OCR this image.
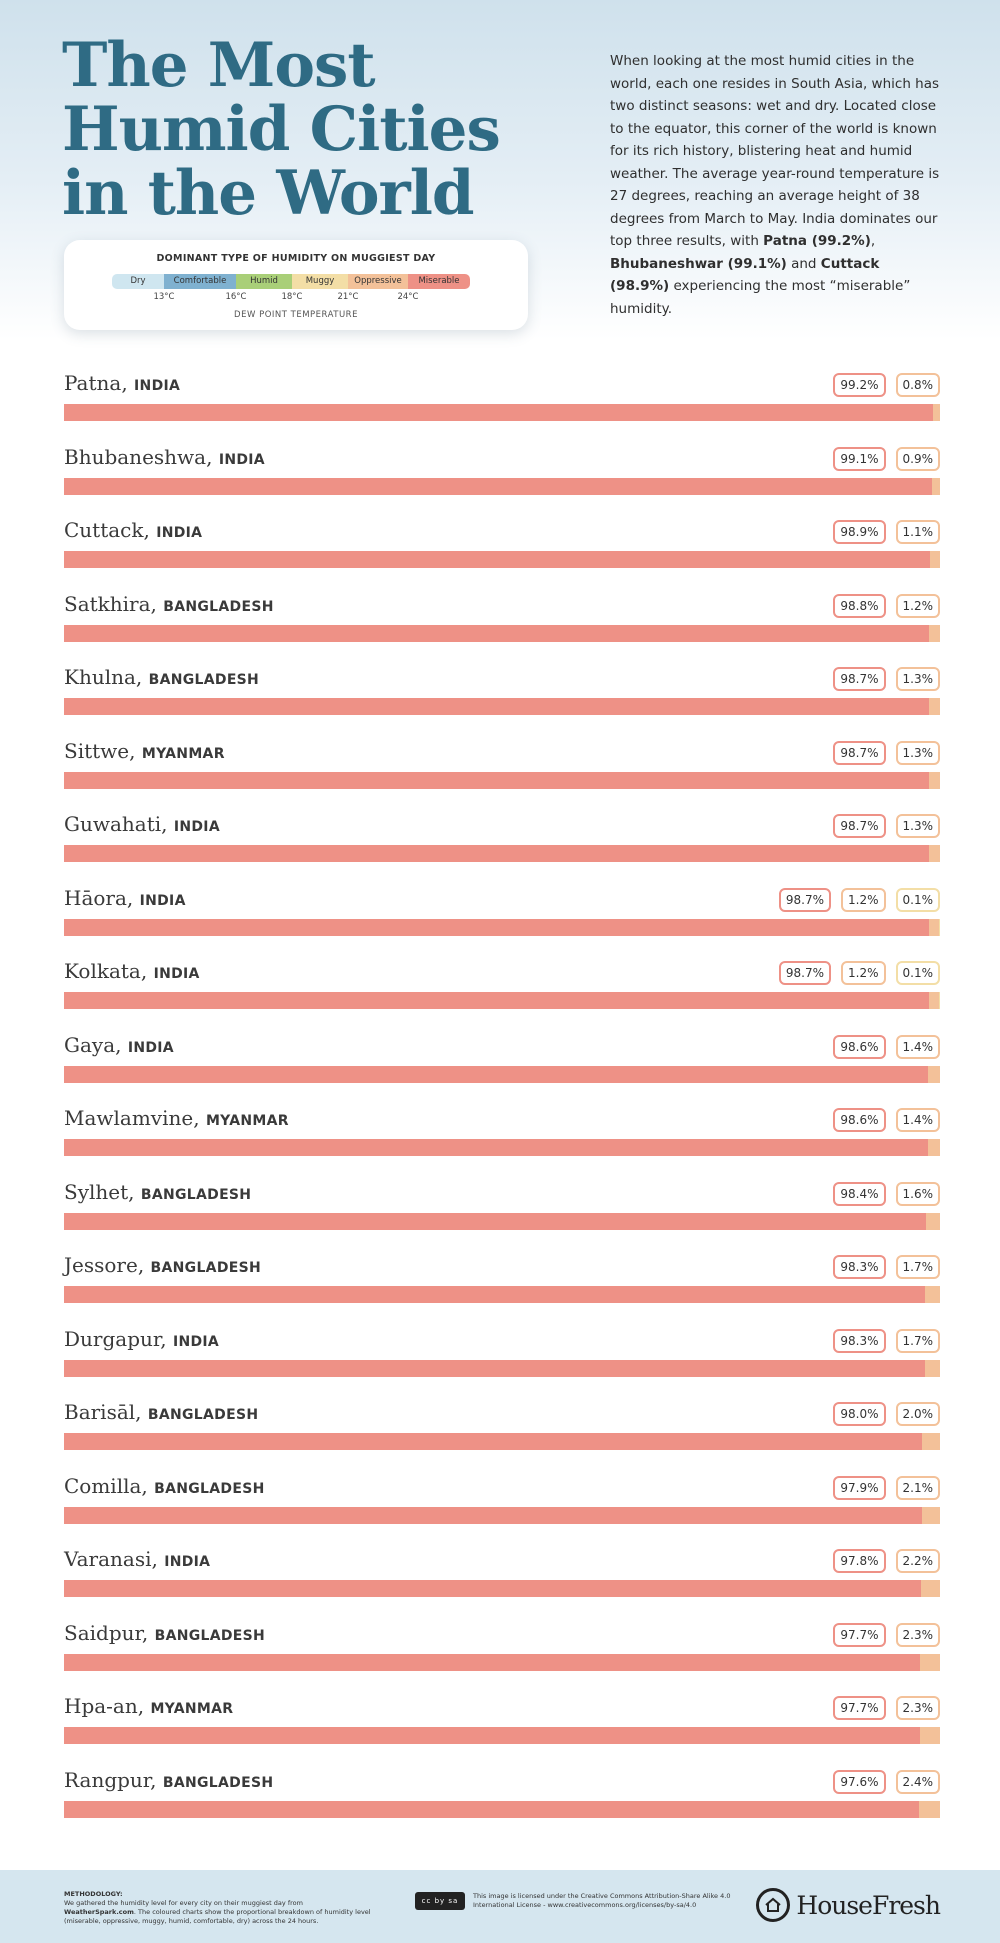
The Most Humid Cities in the World
When looking at the most humid cities in the world, each one resides in South Asia, which has two distinct seasons: wet and dry. Located close to the equator, this corner of the world is known for its rich history, blistering heat and humid weather. The average year-round temperature is 27 degrees, reaching an average height of 38 degrees from March to May. India dominates our top three results, with Patna (99.2%), Bhubaneshwar (99.1%) and Cuttack (98.9%) experiencing the most “miserable” humidity.
DOMINANT TYPE OF HUMIDITY ON MUGGIEST DAY
Dry	Comfortable	Humid	Muggy	Oppressive	Miserable
13°C	16°C	18°C	21°C	24°C
DEW POINT TEMPERATURE
Patna, INDIA	99.2%	0.8%
Bhubaneshwa, INDIA	99.1%	0.9%
Cuttack, INDIA	98.9%	1.1%
Satkhira, BANGLADESH	98.8%	1.2%
Khulna, BANGLADESH	98.7%	1.3%
Sittwe, MYANMAR	98.7%	1.3%
Guwahati, INDIA	98.7%	1.3%
Hāora, INDIA	98.7%	1.2%	0.1%
Kolkata, INDIA	98.7%	1.2%	0.1%
Gaya, INDIA	98.6%	1.4%
Mawlamvine, MYANMAR	98.6%	1.4%
Sylhet, BANGLADESH	98.4%	1.6%
Jessore, BANGLADESH	98.3%	1.7%
Durgapur, INDIA	98.3%	1.7%
Barisāl, BANGLADESH	98.0%	2.0%
Comilla, BANGLADESH	97.9%	2.1%
Varanasi, INDIA	97.8%	2.2%
Saidpur, BANGLADESH	97.7%	2.3%
Hpa-an, MYANMAR	97.7%	2.3%
Rangpur, BANGLADESH	97.6%	2.4%
METHODOLOGY:
We gathered the humidity level for every city on their muggiest day from WeatherSpark.com. The coloured charts show the proportional breakdown of humidity level (miserable, oppressive, muggy, humid, comfortable, dry) across the 24 hours.
cc by sa
This image is licensed under the Creative Commons Attribution-Share Alike 4.0 International License - www.creativecommons.org/licenses/by-sa/4.0	HouseFresh
